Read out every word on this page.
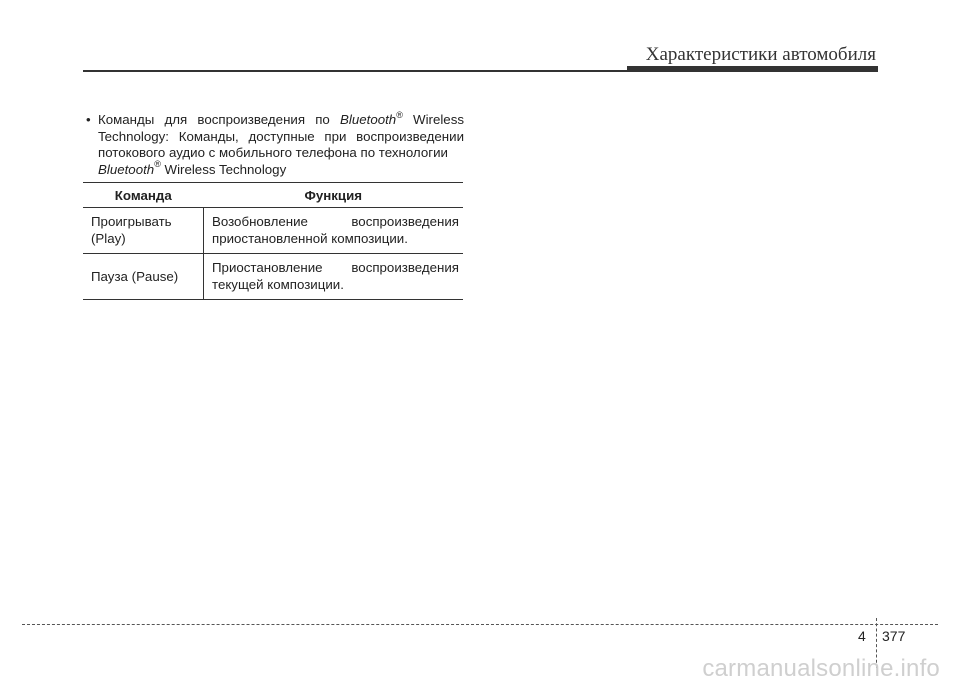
Характеристики автомобиля
• Команды для воспроизведения по Bluetooth® Wireless Technology: Команды, доступные при воспроизведении потокового аудио с мобильного телефона по технологии
Bluetooth® Wireless Technology

Команда	Функция

Проигрывать
(Play)	Возобновление воспроизведения приостановленной композиции.
Пауза (Pause)	Приостановление воспроизведения текущей композиции.
4 377
carmanualsonline.info
